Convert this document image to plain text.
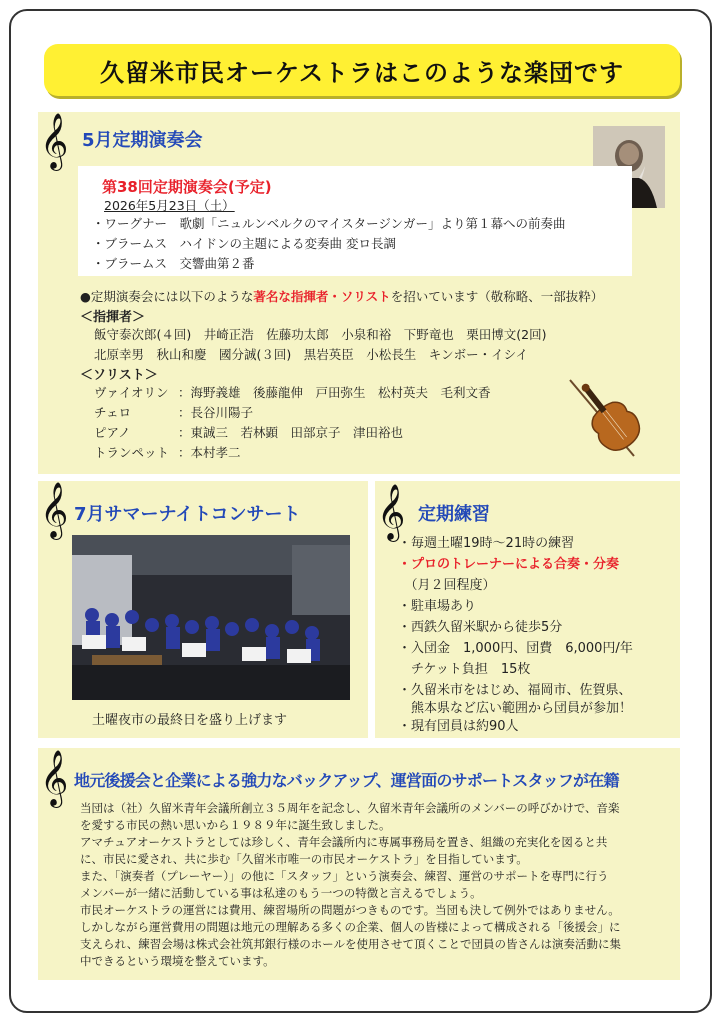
久留米市民オーケストラはこのような楽団です
𝄞 5月定期演奏会
第38回定期演奏会(予定)
2026年5月23日（土）
・ワーグナー　歌劇「ニュルンベルクのマイスタージンガー」より第１幕への前奏曲
・ブラームス　ハイドンの主題による変奏曲 変ロ長調
・ブラームス　交響曲第２番
●定期演奏会には以下のような著名な指揮者・ソリストを招いています（敬称略、一部抜粋）
＜指揮者＞
飯守泰次郎(４回)　井崎正浩　佐藤功太郎　小泉和裕　下野竜也　栗田博文(2回)
北原幸男　秋山和慶　國分誠(３回)　黒岩英臣　小松長生　キンボー・イシイ
＜ソリスト＞
ヴァイオリン ：海野義雄　後藤龍伸　戸田弥生　松村英夫　毛利文香
チェロ	：長谷川陽子
ピアノ	：東誠三　若林顕　田部京子　津田裕也
トランペット ：本村孝二
𝄞 7月サマーナイトコンサート
土曜夜市の最終日を盛り上げます
𝄞 定期練習
・毎週土曜19時～21時の練習
・プロのトレーナーによる合奏・分奏
　（月２回程度）
・駐車場あり
・西鉄久留米駅から徒歩5分
・入団金　1,000円、団費　6,000円/年
　チケット負担　15枚
・久留米市をはじめ、福岡市、佐賀県、
　熊本県など広い範囲から団員が参加！
・現有団員は約90人
𝄞 地元後援会と企業による強力なバックアップ、運営面のサポートスタッフが在籍
当団は（社）久留米青年会議所創立３５周年を記念し、久留米青年会議所のメンバーの呼びかけで、音楽
を愛する市民の熱い思いから１９８９年に誕生致しました。
アマチュアオーケストラとしては珍しく、青年会議所内に専属事務局を置き、組織の充実化を図ると共
に、市民に愛され、共に歩む「久留米市唯一の市民オーケストラ」を目指しています。
また、「演奏者（プレーヤー）」の他に「スタッフ」という演奏会、練習、運営のサポートを専門に行う
メンバーが一緒に活動している事は私達のもう一つの特徴と言えるでしょう。
市民オーケストラの運営には費用、練習場所の問題がつきものです。当団も決して例外ではありません。
しかしながら運営費用の問題は地元の理解ある多くの企業、個人の皆様によって構成される「後援会」に
支えられ、練習会場は株式会社筑邦銀行様のホールを使用させて頂くことで団員の皆さんは演奏活動に集
中できるという環境を整えています。
